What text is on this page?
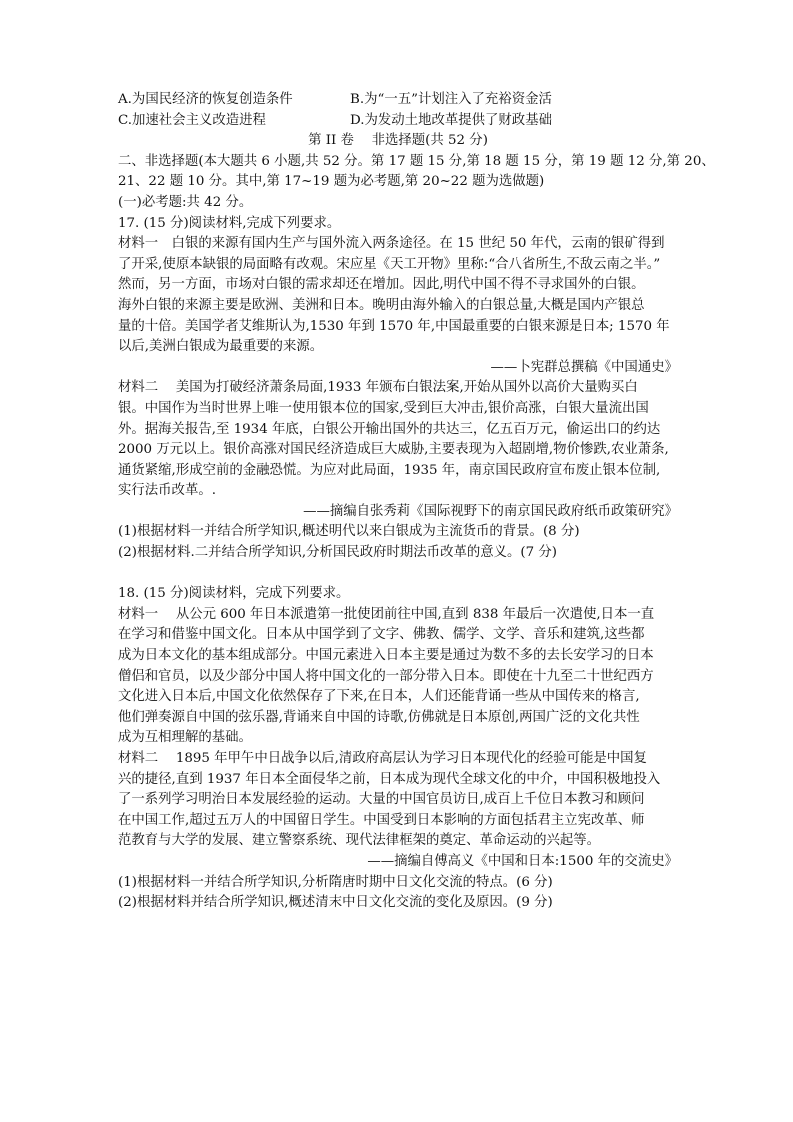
A.为国民经济的恢复创造条件	B.为“一五”计划注入了充裕资金活
C.加速社会主义改造进程	D.为发动土地改革提供了财政基础
第 II 卷　 非选择题(共 52 分)
二、非选择题(本大题共 6 小题,共 52 分。第 17 题 15 分,第 18 题 15 分，第 19 题 12 分,第 20、
21、22 题 10 分。其中,第 17~19 题为必考题,第 20~22 题为选做题)
(一)必考题:共 42 分。
17. (15 分)阅读材料,完成下列要求。
材料一　白银的来源有国内生产与国外流入两条途径。在 15 世纪 50 年代，云南的银矿得到
了开采,使原本缺银的局面略有改观。宋应星《天工开物》里称:“合八省所生,不敌云南之半。”
然而，另一方面，市场对白银的需求却还在增加。因此,明代中国不得不寻求国外的白银。
海外白银的来源主要是欧洲、美洲和日本。晚明由海外输入的白银总量,大概是国内产银总
量的十倍。美国学者艾维斯认为,1530 年到 1570 年,中国最重要的白银来源是日本; 1570 年
以后,美洲白银成为最重要的来源。
——卜宪群总撰稿《中国通史》
材料二　 美国为打破经济萧条局面,1933 年颁布白银法案,开始从国外以高价大量购买白
银。中国作为当时世界上唯一使用银本位的国家,受到巨大冲击,银价高涨，白银大量流出国
外。据海关报告,至 1934 年底，白银公开输出国外的共达三，亿五百万元，偷运出口的约达
2000 万元以上。银价高涨对国民经济造成巨大威胁,主要表现为入超剧增,物价惨跌,农业萧条,
通货紧缩,形成空前的金融恐慌。为应对此局面，1935 年，南京国民政府宣布废止银本位制,
实行法币改革。.
——摘编自张秀莉《国际视野下的南京国民政府纸币政策研究》
(1)根据材料一并结合所学知识,概述明代以来白银成为主流货币的背景。(8 分)
(2)根据材料.二并结合所学知识,分析国民政府时期法币改革的意义。(7 分)
18. (15 分)阅读材料，完成下列要求。
材料一　 从公元 600 年日本派遣第一批使团前往中国,直到 838 年最后一次遣使,日本一直
在学习和借鉴中国文化。日本从中国学到了文字、佛教、儒学、文学、音乐和建筑,这些都
成为日本文化的基本组成部分。中国元素进入日本主要是通过为数不多的去长安学习的日本
僧侣和官员，以及少部分中国人将中国文化的一部分带入日本。即使在十九至二十世纪西方
文化进入日本后,中国文化依然保存了下来,在日本，人们还能背诵一些从中国传来的格言,
他们弹奏源自中国的弦乐器,背诵来自中国的诗歌,仿佛就是日本原创,两国广泛的文化共性
成为互相理解的基础。
材料二　 1895 年甲午中日战争以后,清政府高层认为学习日本现代化的经验可能是中国复
兴的捷径,直到 1937 年日本全面侵华之前，日本成为现代全球文化的中介，中国积极地投入
了一系列学习明治日本发展经验的运动。大量的中国官员访日,成百上千位日本教习和顾问
在中国工作,超过五万人的中国留日学生。中国受到日本影响的方面包括君主立宪改革、师
范教育与大学的发展、建立警察系统、现代法律框架的奠定、革命运动的兴起等。
——摘编自傅高义《中国和日本:1500 年的交流史》
(1)根据材料一并结合所学知识,分析隋唐时期中日文化交流的特点。(6 分)
(2)根据材料并结合所学知识,概述清末中日文化交流的变化及原因。(9 分)
